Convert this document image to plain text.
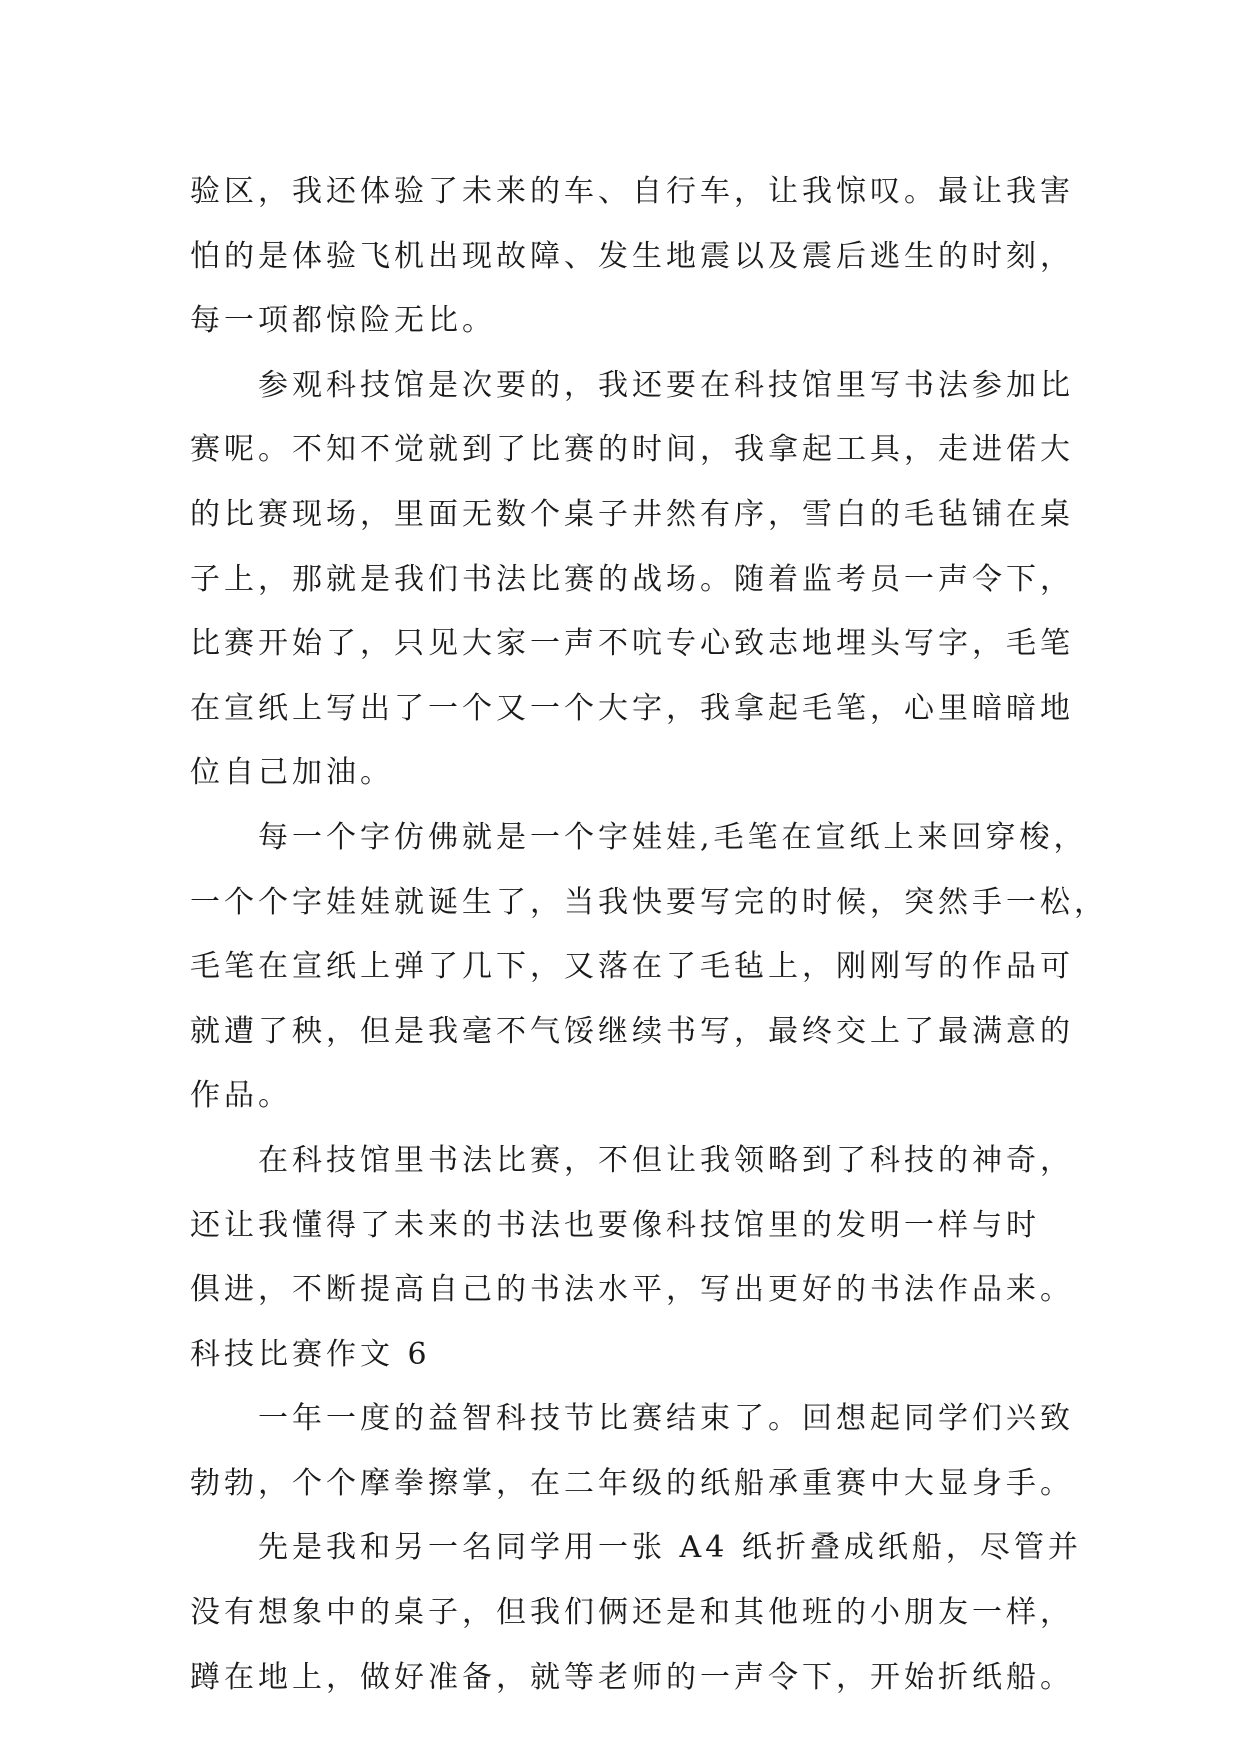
验区，我还体验了未来的车、自行车，让我惊叹。最让我害
怕的是体验飞机出现故障、发生地震以及震后逃生的时刻，
每一项都惊险无比。
参观科技馆是次要的，我还要在科技馆里写书法参加比
赛呢。不知不觉就到了比赛的时间，我拿起工具，走进偌大
的比赛现场，里面无数个桌子井然有序，雪白的毛毡铺在桌
子上，那就是我们书法比赛的战场。随着监考员一声令下，
比赛开始了，只见大家一声不吭专心致志地埋头写字，毛笔
在宣纸上写出了一个又一个大字，我拿起毛笔，心里暗暗地
位自己加油。
每一个字仿佛就是一个字娃娃,毛笔在宣纸上来回穿梭，
一个个字娃娃就诞生了，当我快要写完的时候，突然手一松，
毛笔在宣纸上弹了几下，又落在了毛毡上，刚刚写的作品可
就遭了秧，但是我毫不气馁继续书写，最终交上了最满意的
作品。
在科技馆里书法比赛，不但让我领略到了科技的神奇，
还让我懂得了未来的书法也要像科技馆里的发明一样与时
俱进，不断提高自己的书法水平，写出更好的书法作品来。
科技比赛作文 6
一年一度的益智科技节比赛结束了。回想起同学们兴致
勃勃，个个摩拳擦掌，在二年级的纸船承重赛中大显身手。
先是我和另一名同学用一张 A4 纸折叠成纸船，尽管并
没有想象中的桌子，但我们俩还是和其他班的小朋友一样，
蹲在地上，做好准备，就等老师的一声令下，开始折纸船。
